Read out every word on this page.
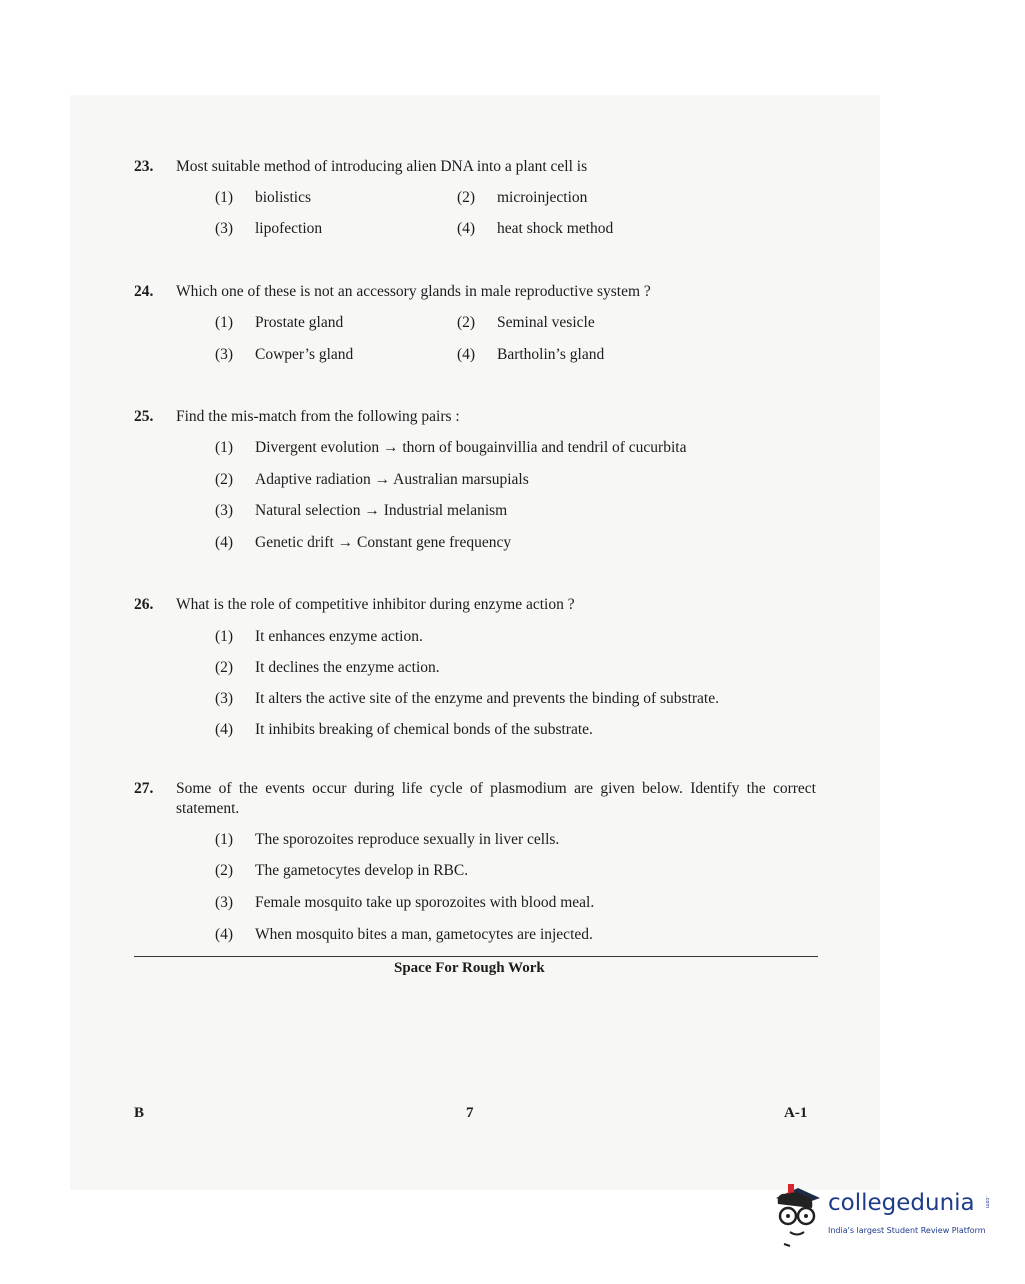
23. Most suitable method of introducing alien DNA into a plant cell is
(1) biolistics	(2) microinjection
(3) lipofection	(4) heat shock method
24. Which one of these is not an accessory glands in male reproductive system ?
(1) Prostate gland	(2) Seminal vesicle
(3) Cowper’s gland	(4) Bartholin’s gland
25. Find the mis-match from the following pairs :
(1) Divergent evolution → thorn of bougainvillia and tendril of cucurbita
(2) Adaptive radiation → Australian marsupials
(3) Natural selection → Industrial melanism
(4) Genetic drift → Constant gene frequency
26. What is the role of competitive inhibitor during enzyme action ?
(1) It enhances enzyme action.
(2) It declines the enzyme action.
(3) It alters the active site of the enzyme and prevents the binding of substrate.
(4) It inhibits breaking of chemical bonds of the substrate.
27. Some of the events occur during life cycle of plasmodium are given below. Identify the correct statement.
(1) The sporozoites reproduce sexually in liver cells.
(2) The gametocytes develop in RBC.
(3) Female mosquito take up sporozoites with blood meal.
(4) When mosquito bites a man, gametocytes are injected.
Space For Rough Work
B	7	A-1
collegedunia .com
India's largest Student Review Platform
